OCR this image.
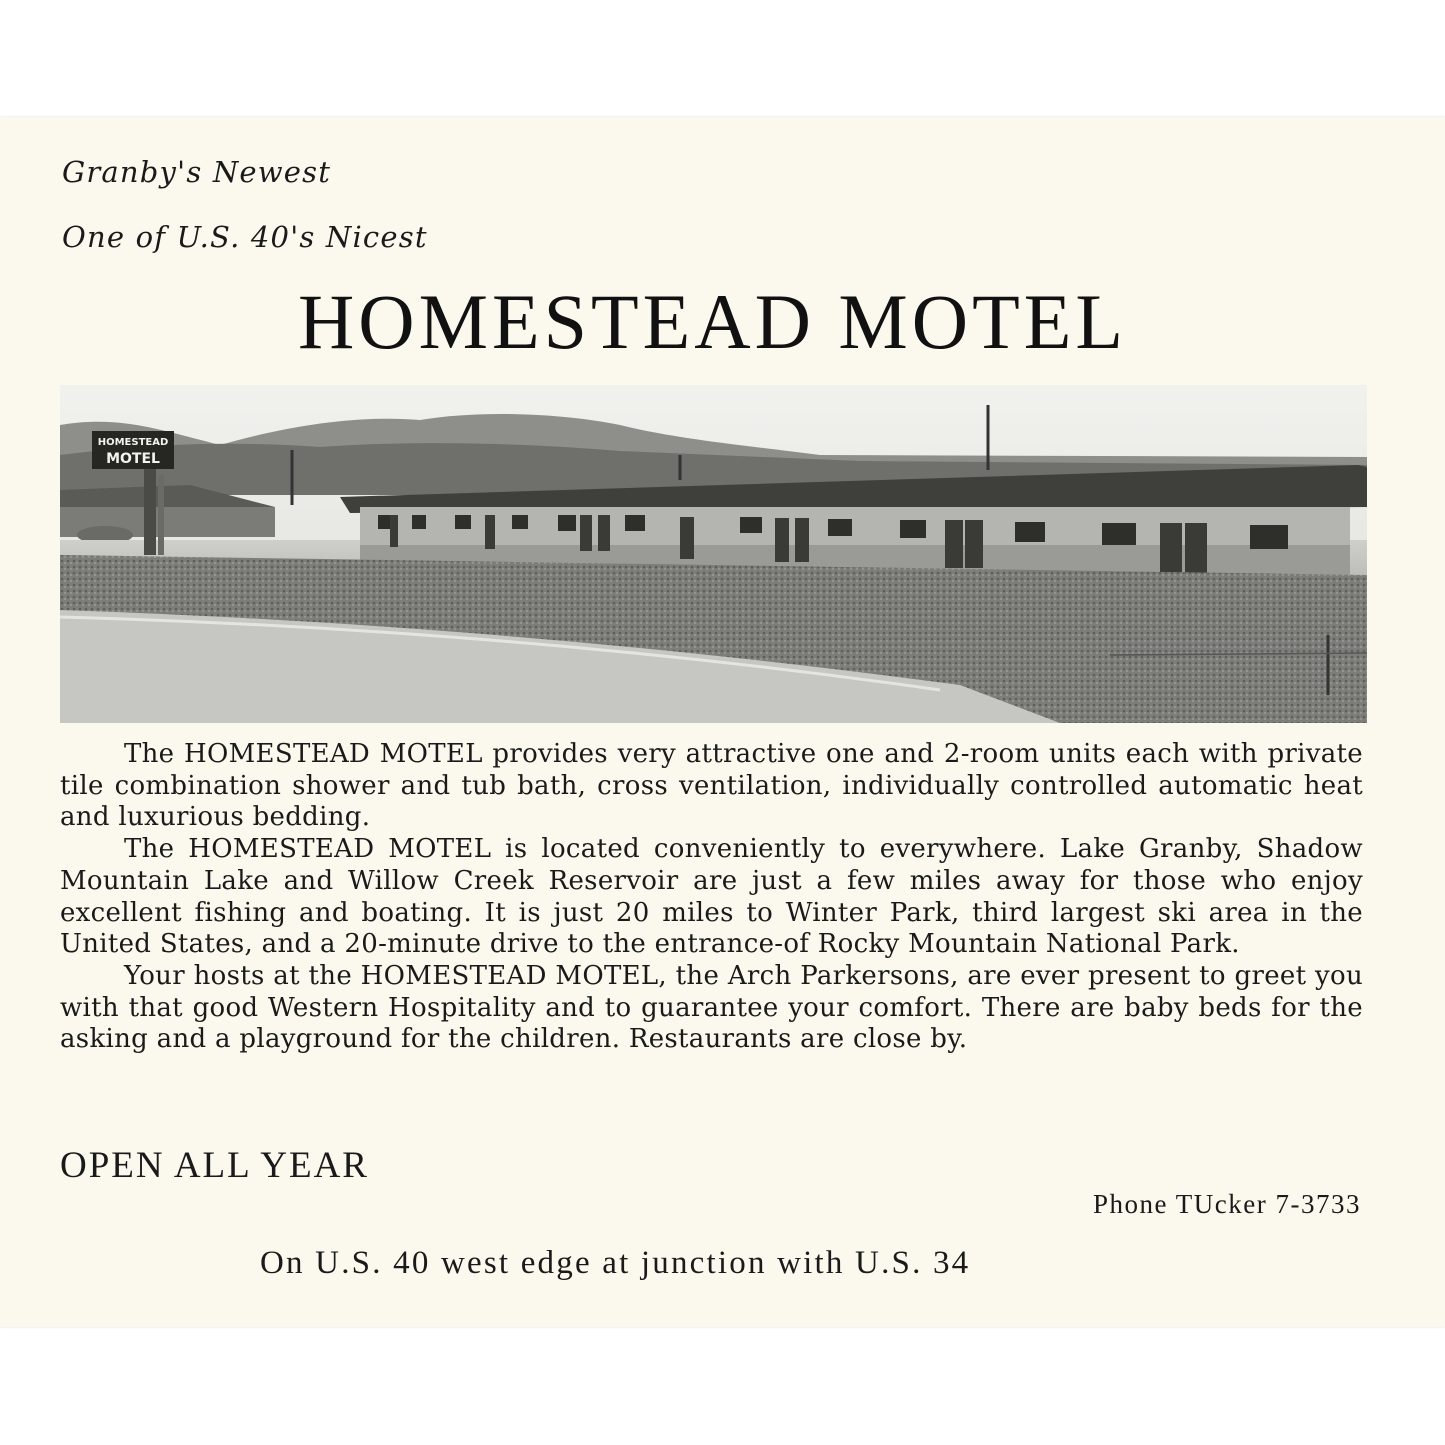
Granby's Newest

One of U.S. 40's Nicest

HOMESTEAD MOTEL
HOMESTEAD
MOTEL

The HOMESTEAD MOTEL provides very attractive one and 2-room units each with private tile combination shower and tub bath, cross ventilation, individually controlled automatic heat and luxurious bedding.

The HOMESTEAD MOTEL is located conveniently to everywhere. Lake Granby, Shadow Mountain Lake and Willow Creek Reservoir are just a few miles away for those who enjoy excellent fishing and boating. It is just 20 miles to Winter Park, third largest ski area in the United States, and a 20-minute drive to the entrance-of Rocky Mountain National Park.

Your hosts at the HOMESTEAD MOTEL, the Arch Parkersons, are ever present to greet you with that good Western Hospitality and to guarantee your comfort. There are baby beds for the asking and a playground for the children. Restaurants are close by.

OPEN ALL YEAR

Phone TUcker 7-3733

On U.S. 40 west edge at junction with U.S. 34
